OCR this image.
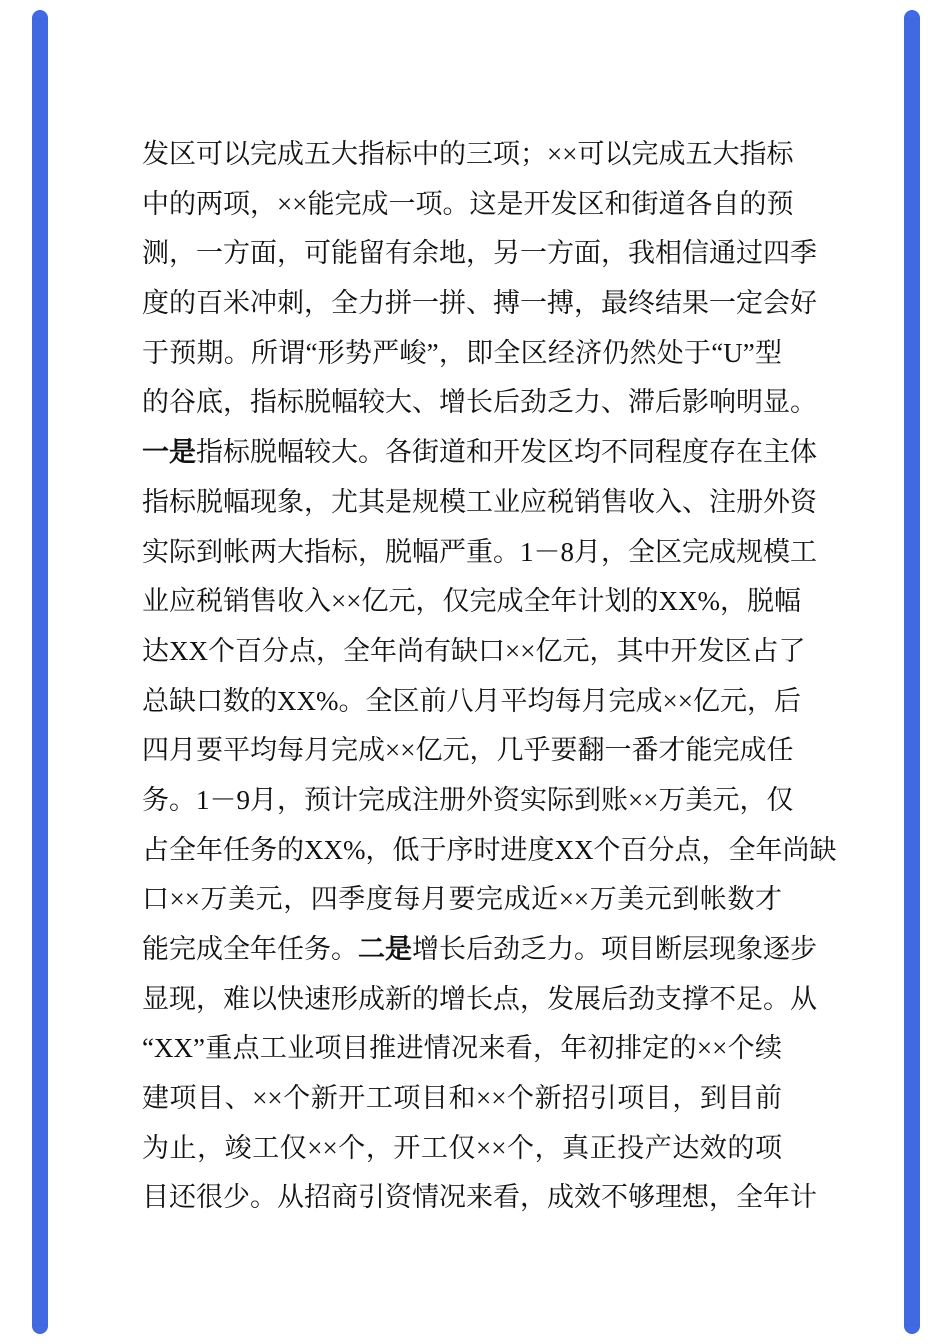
发区可以完成五大指标中的三项；××可以完成五大指标
中的两项，××能完成一项。这是开发区和街道各自的预
测，一方面，可能留有余地，另一方面，我相信通过四季
度的百米冲刺，全力拼一拼、搏一搏，最终结果一定会好
于预期。所谓“形势严峻”，即全区经济仍然处于“U”型
的谷底，指标脱幅较大、增长后劲乏力、滞后影响明显。
一是指标脱幅较大。各街道和开发区均不同程度存在主体
指标脱幅现象，尤其是规模工业应税销售收入、注册外资
实际到帐两大指标，脱幅严重。1－8月，全区完成规模工
业应税销售收入××亿元，仅完成全年计划的XX%，脱幅
达XX个百分点，全年尚有缺口××亿元，其中开发区占了
总缺口数的XX%。全区前八月平均每月完成××亿元，后
四月要平均每月完成××亿元，几乎要翻一番才能完成任
务。1－9月，预计完成注册外资实际到账××万美元，仅
占全年任务的XX%，低于序时进度XX个百分点，全年尚缺
口××万美元，四季度每月要完成近××万美元到帐数才
能完成全年任务。二是增长后劲乏力。项目断层现象逐步
显现，难以快速形成新的增长点，发展后劲支撑不足。从
“XX”重点工业项目推进情况来看，年初排定的××个续
建项目、××个新开工项目和××个新招引项目，到目前
为止，竣工仅××个，开工仅××个，真正投产达效的项
目还很少。从招商引资情况来看，成效不够理想，全年计
